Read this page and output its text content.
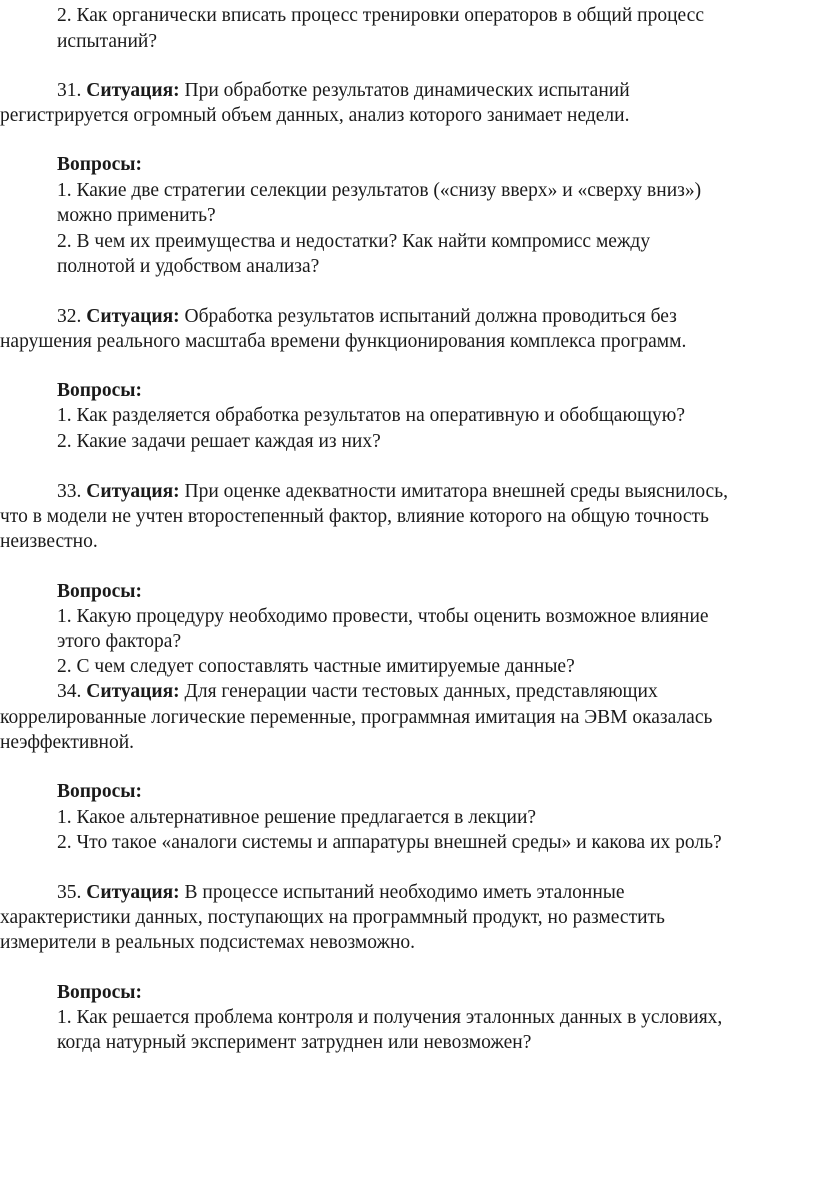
2. Как органически вписать процесс тренировки операторов в общий процесс
испытаний?
31. Ситуация: При обработке результатов динамических испытаний
регистрируется огромный объем данных, анализ которого занимает недели.
Вопросы:
1. Какие две стратегии селекции результатов («снизу вверх» и «сверху вниз»)
можно применить?
2. В чем их преимущества и недостатки? Как найти компромисс между
полнотой и удобством анализа?
32. Ситуация: Обработка результатов испытаний должна проводиться без
нарушения реального масштаба времени функционирования комплекса программ.
Вопросы:
1. Как разделяется обработка результатов на оперативную и обобщающую?
2. Какие задачи решает каждая из них?
33. Ситуация: При оценке адекватности имитатора внешней среды выяснилось,
что в модели не учтен второстепенный фактор, влияние которого на общую точность
неизвестно.
Вопросы:
1. Какую процедуру необходимо провести, чтобы оценить возможное влияние
этого фактора?
2. С чем следует сопоставлять частные имитируемые данные?
34. Ситуация: Для генерации части тестовых данных, представляющих
коррелированные логические переменные, программная имитация на ЭВМ оказалась
неэффективной.
Вопросы:
1. Какое альтернативное решение предлагается в лекции?
2. Что такое «аналоги системы и аппаратуры внешней среды» и какова их роль?
35. Ситуация: В процессе испытаний необходимо иметь эталонные
характеристики данных, поступающих на программный продукт, но разместить
измерители в реальных подсистемах невозможно.
Вопросы:
1. Как решается проблема контроля и получения эталонных данных в условиях,
когда натурный эксперимент затруднен или невозможен?
